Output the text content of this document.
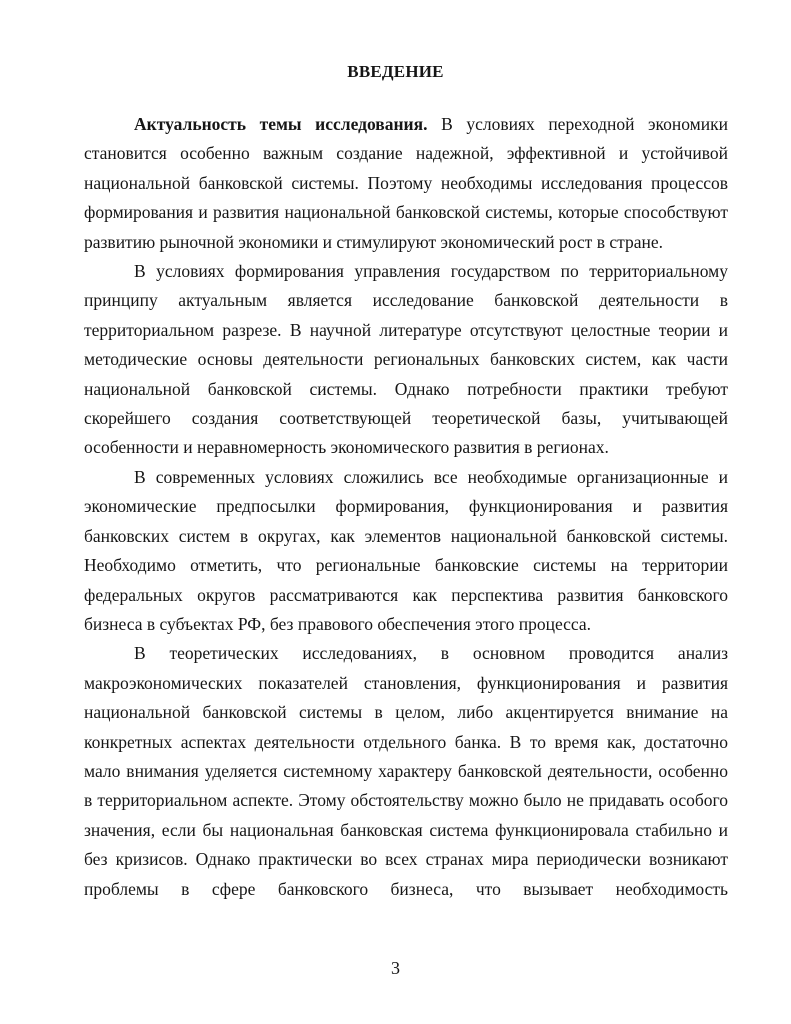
ВВЕДЕНИЕ

Актуальность темы исследования. В условиях переходной экономики становится особенно важным создание надежной, эффективной и устойчивой национальной банковской системы. Поэтому необходимы исследования процессов формирования и развития национальной банковской системы, которые способствуют развитию рыночной экономики и стимулируют экономический рост в стране.

В условиях формирования управления государством по территориальному принципу актуальным является исследование банковской деятельности в территориальном разрезе. В научной литературе отсутствуют целостные теории и методические основы деятельности региональных банковских систем, как части национальной банковской системы. Однако потребности практики требуют скорейшего создания соответствующей теоретической базы, учитывающей особенности и неравномерность экономического развития в регионах.

В современных условиях сложились все необходимые организационные и экономические предпосылки формирования, функционирования и развития банковских систем в округах, как элементов национальной банковской системы. Необходимо отметить, что региональные банковские системы на территории федеральных округов рассматриваются как перспектива развития банковского бизнеса в субъектах РФ, без правового обеспечения этого процесса.

В теоретических исследованиях, в основном проводится анализ макроэкономических показателей становления, функционирования и развития национальной банковской системы в целом, либо акцентируется внимание на конкретных аспектах деятельности отдельного банка. В то время как, достаточно мало внимания уделяется системному характеру банковской деятельности, особенно в территориальном аспекте. Этому обстоятельству можно было не придавать особого значения, если бы национальная банковская система функционировала стабильно и без кризисов. Однако практически во всех странах мира периодически возникают проблемы в сфере банковского бизнеса, что вызывает необходимость

3
